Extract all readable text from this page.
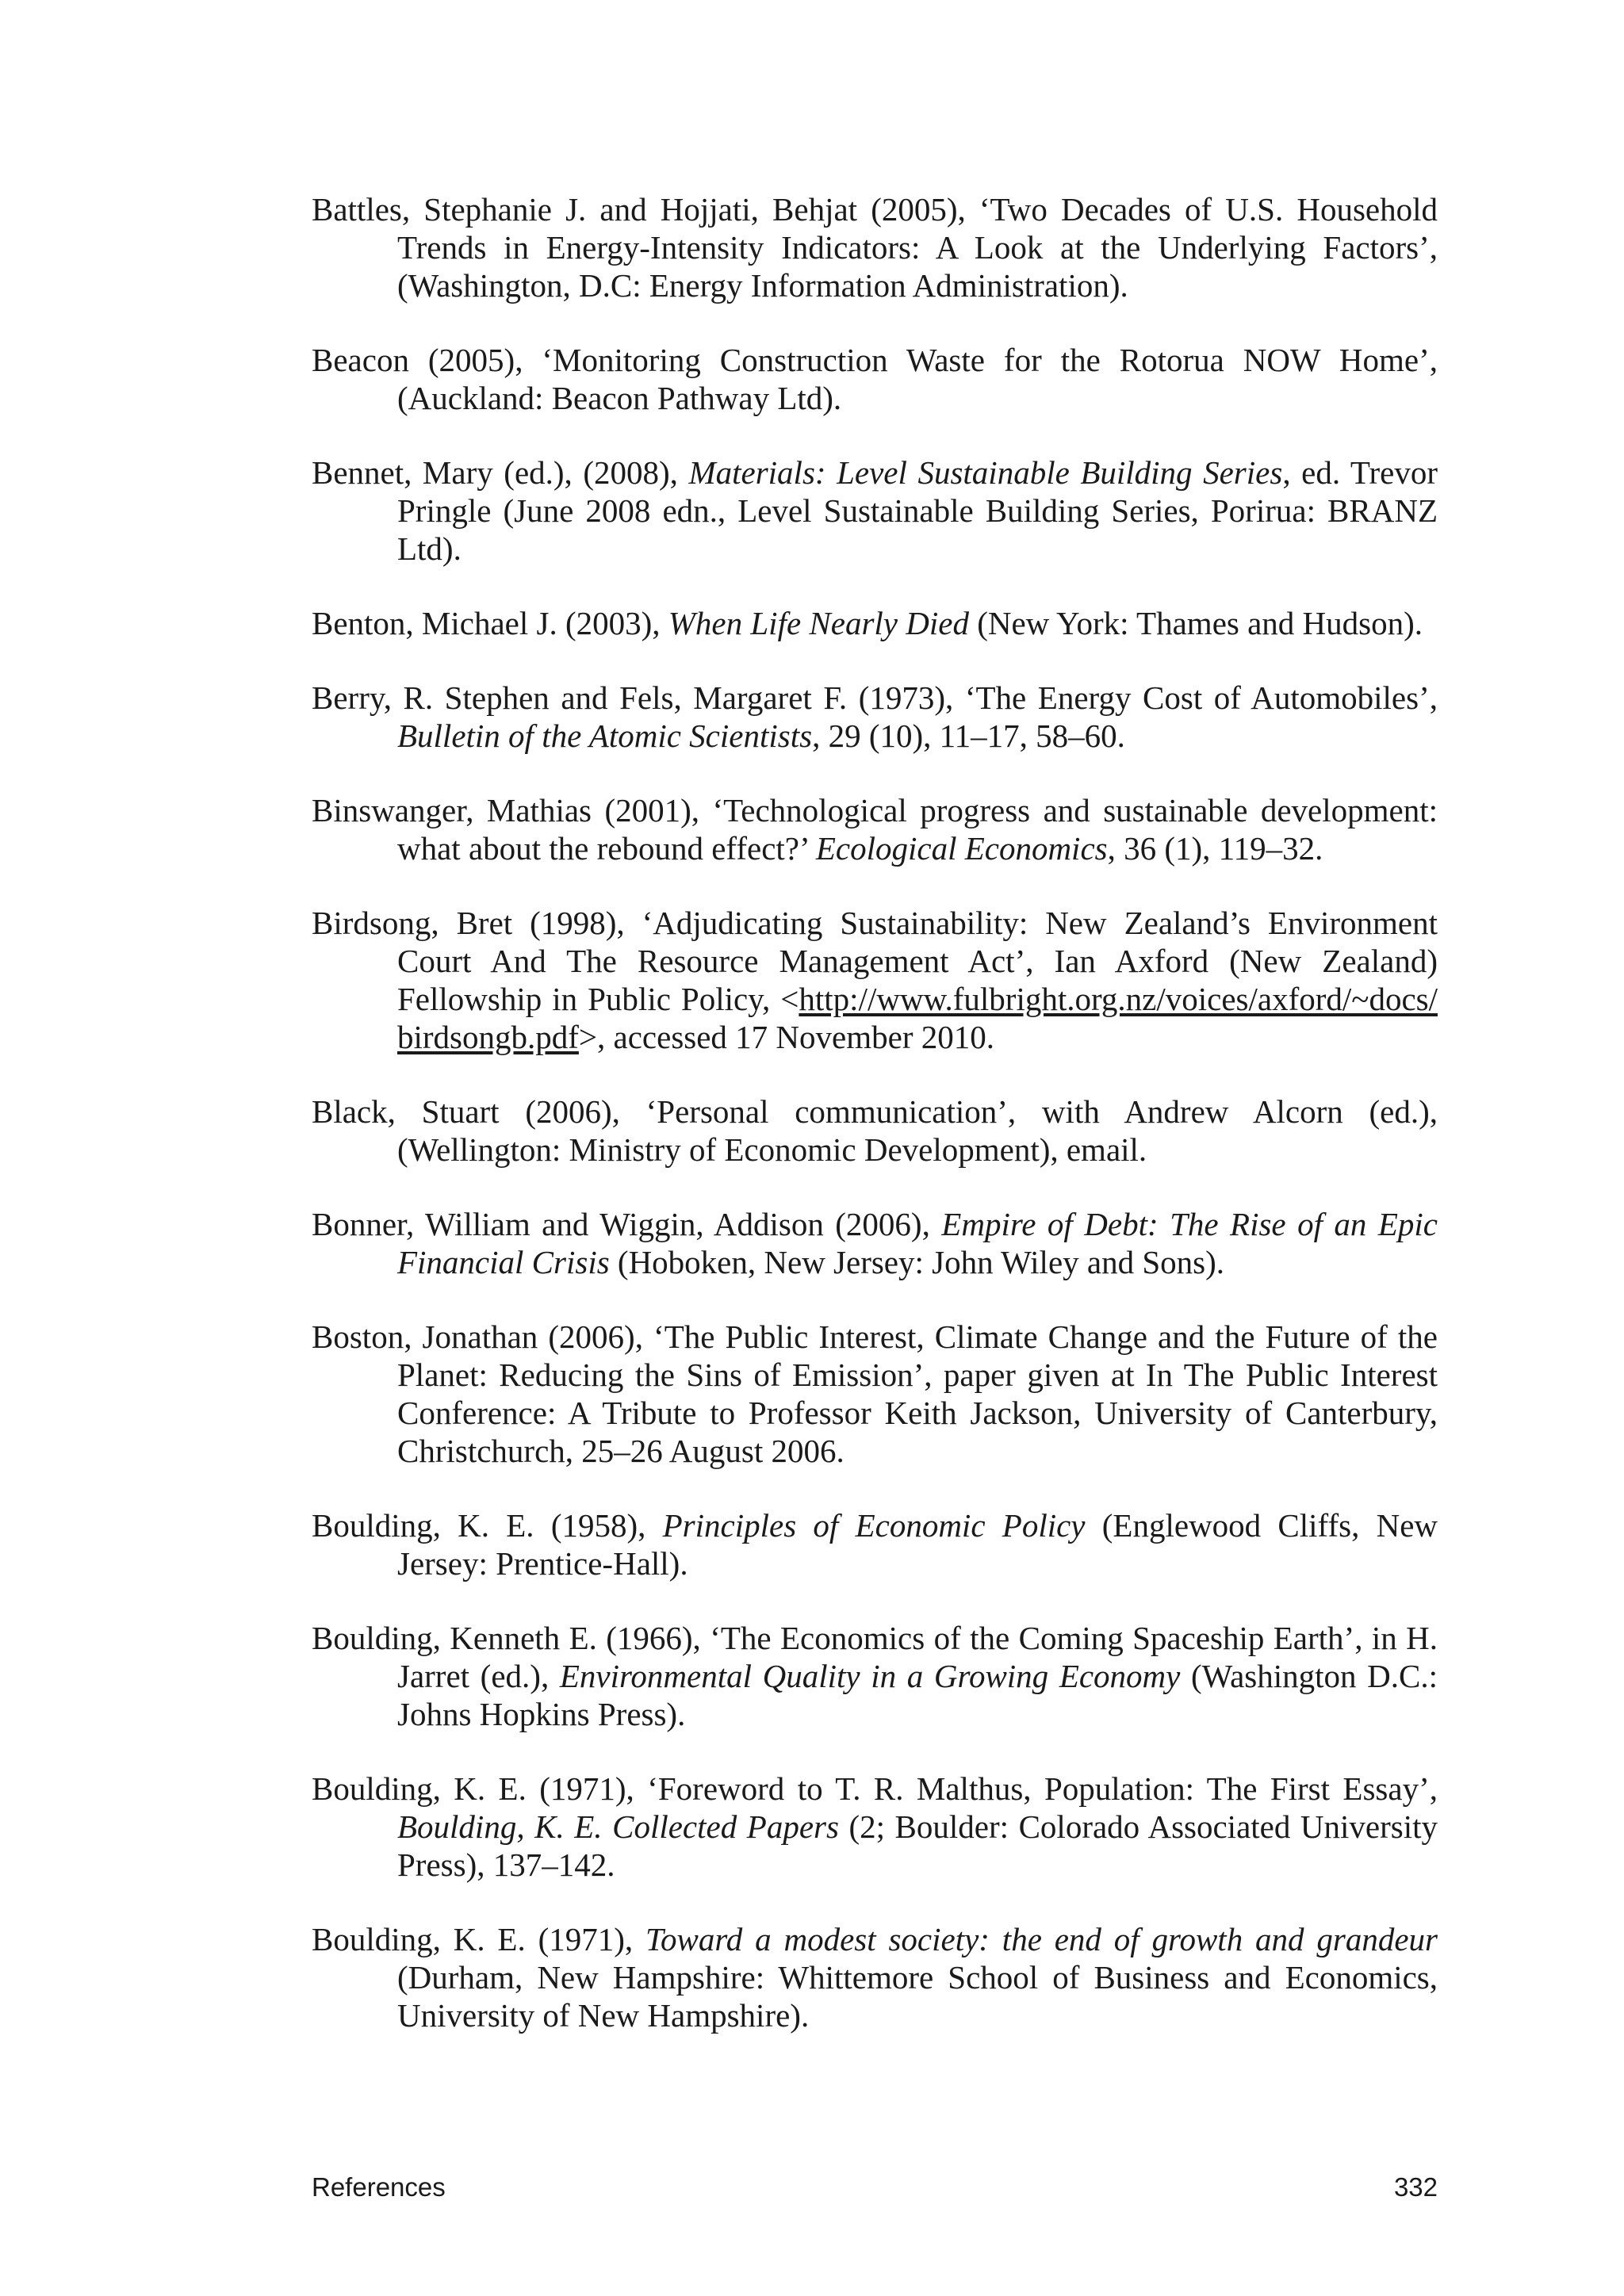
Battles, Stephanie J. and Hojjati, Behjat (2005), ‘Two Decades of U.S. Household Trends in Energy-Intensity Indicators: A Look at the Underlying Factors’, (Washington, D.C: Energy Information Administration).

Beacon (2005), ‘Monitoring Construction Waste for the Rotorua NOW Home’, (Auckland: Beacon Pathway Ltd).

Bennet, Mary (ed.), (2008), Materials: Level Sustainable Building Series, ed. Trevor Pringle (June 2008 edn., Level Sustainable Building Series, Porirua: BRANZ Ltd).

Benton, Michael J. (2003), When Life Nearly Died (New York: Thames and Hudson).

Berry, R. Stephen and Fels, Margaret F. (1973), ‘The Energy Cost of Automobiles’, Bulletin of the Atomic Scientists, 29 (10), 11–17, 58–60.

Binswanger, Mathias (2001), ‘Technological progress and sustainable development: what about the rebound effect?’ Ecological Economics, 36 (1), 119–32.

Birdsong, Bret (1998), ‘Adjudicating Sustainability: New Zealand’s Environment Court And The Resource Management Act’, Ian Axford (New Zealand) Fellowship in Public Policy, <http://www.fulbright.org.nz/voices/axford/~docs/birdsongb.pdf>, accessed 17 November 2010.

Black, Stuart (2006), ‘Personal communication’, with Andrew Alcorn (ed.), (Wellington: Ministry of Economic Development), email.

Bonner, William and Wiggin, Addison (2006), Empire of Debt: The Rise of an Epic Financial Crisis (Hoboken, New Jersey: John Wiley and Sons).

Boston, Jonathan (2006), ‘The Public Interest, Climate Change and the Future of the Planet: Reducing the Sins of Emission’, paper given at In The Public Interest Conference: A Tribute to Professor Keith Jackson, University of Canterbury, Christchurch, 25–26 August 2006.

Boulding, K. E. (1958), Principles of Economic Policy (Englewood Cliffs, New Jersey: Prentice-Hall).

Boulding, Kenneth E. (1966), ‘The Economics of the Coming Spaceship Earth’, in H. Jarret (ed.), Environmental Quality in a Growing Economy (Washington D.C.: Johns Hopkins Press).

Boulding, K. E. (1971), ‘Foreword to T. R. Malthus, Population: The First Essay’, Boulding, K. E. Collected Papers (2; Boulder: Colorado Associated University Press), 137–142.

Boulding, K. E. (1971), Toward a modest society: the end of growth and grandeur (Durham, New Hampshire: Whittemore School of Business and Economics, University of New Hampshire).

References	332
